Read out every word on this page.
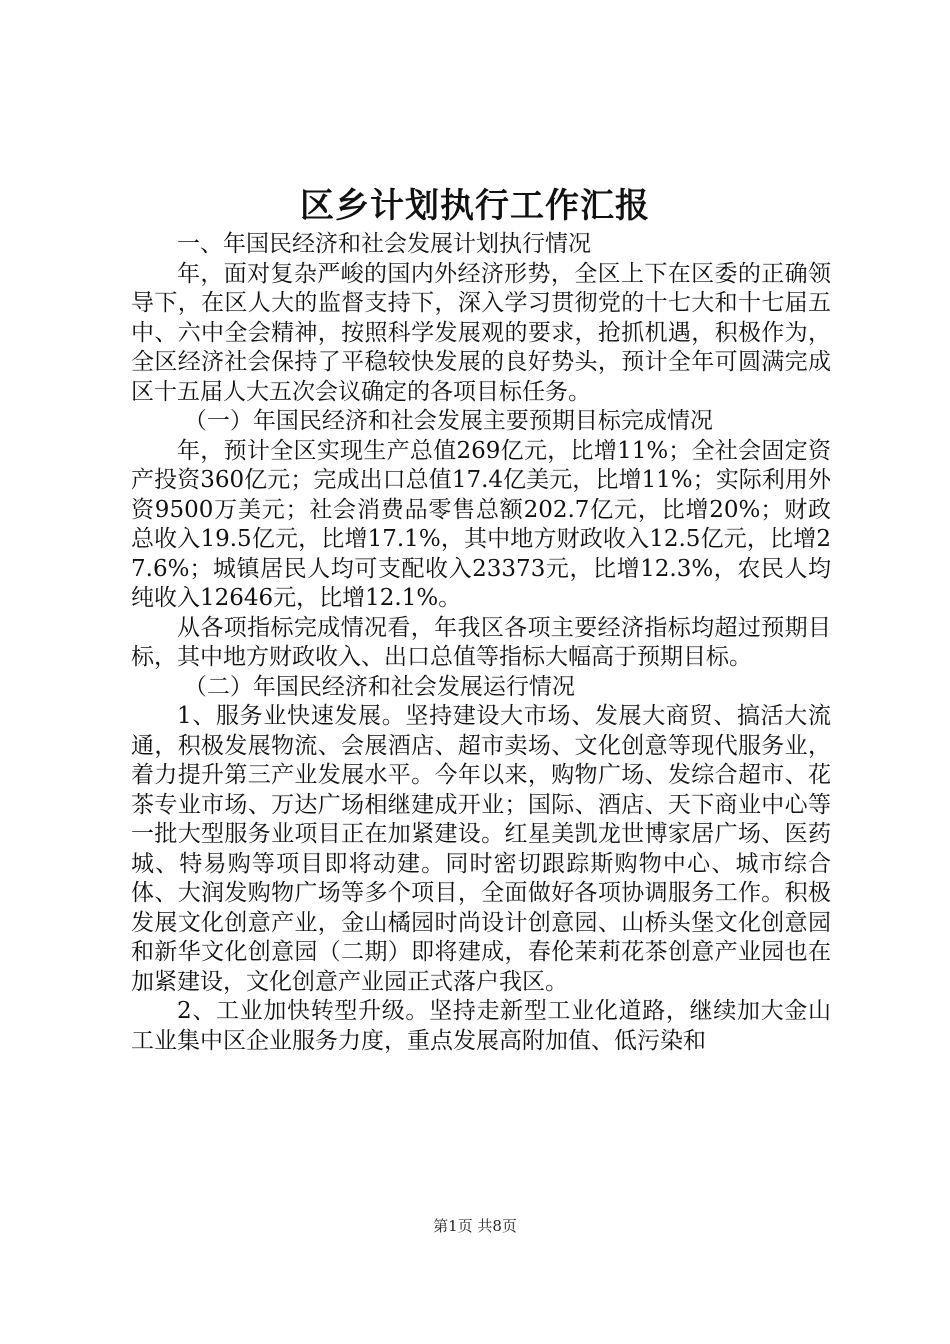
区乡计划执行工作汇报

一、年国民经济和社会发展计划执行情况

年，面对复杂严峻的国内外经济形势，全区上下在区委的正确领导下，在区人大的监督支持下，深入学习贯彻党的十七大和十七届五中、六中全会精神，按照科学发展观的要求，抢抓机遇，积极作为，全区经济社会保持了平稳较快发展的良好势头，预计全年可圆满完成区十五届人大五次会议确定的各项目标任务。

（一）年国民经济和社会发展主要预期目标完成情况

年，预计全区实现生产总值269亿元，比增11%；全社会固定资产投资360亿元；完成出口总值17.4亿美元，比增11%；实际利用外资9500万美元；社会消费品零售总额202.7亿元，比增20%；财政总收入19.5亿元，比增17.1%，其中地方财政收入12.5亿元，比增27.6%；城镇居民人均可支配收入23373元，比增12.3%，农民人均纯收入12646元，比增12.1%。

从各项指标完成情况看，年我区各项主要经济指标均超过预期目标，其中地方财政收入、出口总值等指标大幅高于预期目标。

（二）年国民经济和社会发展运行情况

1、服务业快速发展。坚持建设大市场、发展大商贸、搞活大流通，积极发展物流、会展酒店、超市卖场、文化创意等现代服务业，着力提升第三产业发展水平。今年以来，购物广场、发综合超市、花茶专业市场、万达广场相继建成开业；国际、酒店、天下商业中心等一批大型服务业项目正在加紧建设。红星美凯龙世博家居广场、医药城、特易购等项目即将动建。同时密切跟踪斯购物中心、城市综合体、大润发购物广场等多个项目，全面做好各项协调服务工作。积极发展文化创意产业，金山橘园时尚设计创意园、山桥头堡文化创意园和新华文化创意园（二期）即将建成，春伦茉莉花茶创意产业园也在加紧建设，文化创意产业园正式落户我区。

2、工业加快转型升级。坚持走新型工业化道路，继续加大金山工业集中区企业服务力度，重点发展高附加值、低污染和

第1页 共8页
